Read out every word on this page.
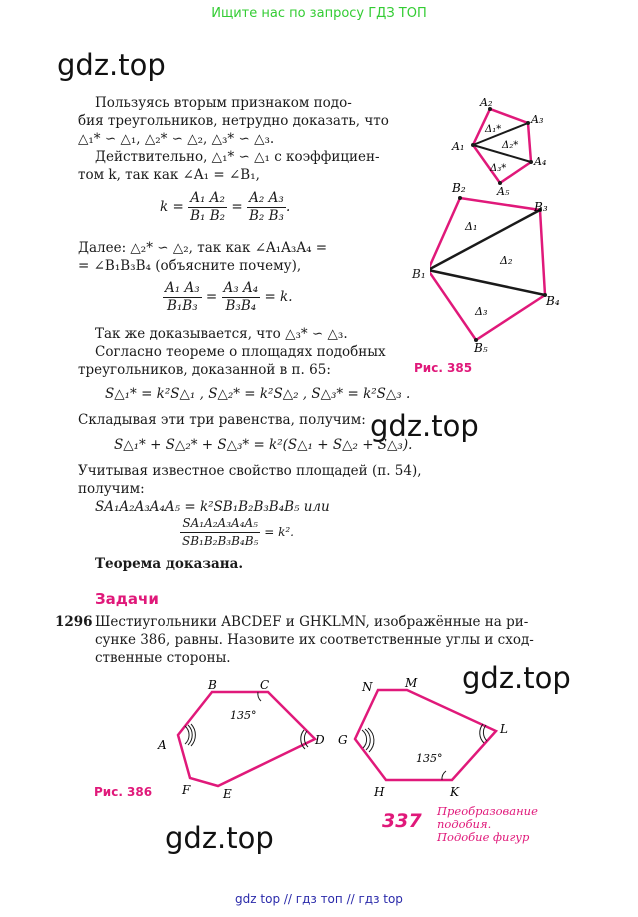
Ищите нас по запросу ГДЗ ТОП
gdz.top
gdz.top
gdz.top
gdz.top
Пользуясь вторым признаком подо-
бия треугольников, нетрудно доказать, что
△₁* ∽ △₁, △₂* ∽ △₂, △₃* ∽ △₃.
Действительно, △₁* ∽ △₁ с коэффициен-
том k, так как ∠A₁ = ∠B₁,
$k = \frac{\text{A₁ A₂}}{\text{B₁ B₂}} = \frac{\text{A₂ A₃}}{\text{B₂ B₃}}$ .
Далее: △₂* ∽ △₂, так как ∠A₁A₃A₄ =
= ∠B₁B₃B₄ (объясните почему),
$\frac{\text{A₁ A₃}}{\text{B₁B₃}} = \frac{\text{A₃ A₄}}{\text{B₃B₄}} = k$.
Так же доказывается, что △₃* ∽ △₃.
Согласно теореме о площадях подобных
треугольников, доказанной в п. 65:
S△₁* = k²S△₁ , S△₂* = k²S△₂ , S△₃* = k²S△₃ .
Складывая эти три равенства, получим:
S△₁* + S△₂* + S△₃* = k²(S△₁ + S△₂ + S△₃).
Учитывая известное свойство площадей (п. 54),
получим:
SA₁A₂A₃A₄A₅ = k²SB₁B₂B₃B₄B₅ или
$\frac{\text{SA₁A₂A₃A₄A₅}}{\text{SB₁B₂B₃B₄B₅}} = k^2$.
Теорема доказана.
Задачи
1296 Шестиугольники ABCDEF и GHKLMN, изображённые на ри-
сунке 386, равны. Назовите их соответственные углы и сход-
ственные стороны.
A₁
A₂
A₃
A₄
A₅
Δ₁*
Δ₂*
Δ₃*
B₂
B₃
B₄
B₅
Δ₁
Δ₂
Δ₃
B₁
Рис. 385
A
B	C
D
E
F
135°
G
H	K
L
M
N
135°
Рис. 386
337 Преобразование
подобия.
Подобие фигур
gdz top // гдз топ // гдз top
